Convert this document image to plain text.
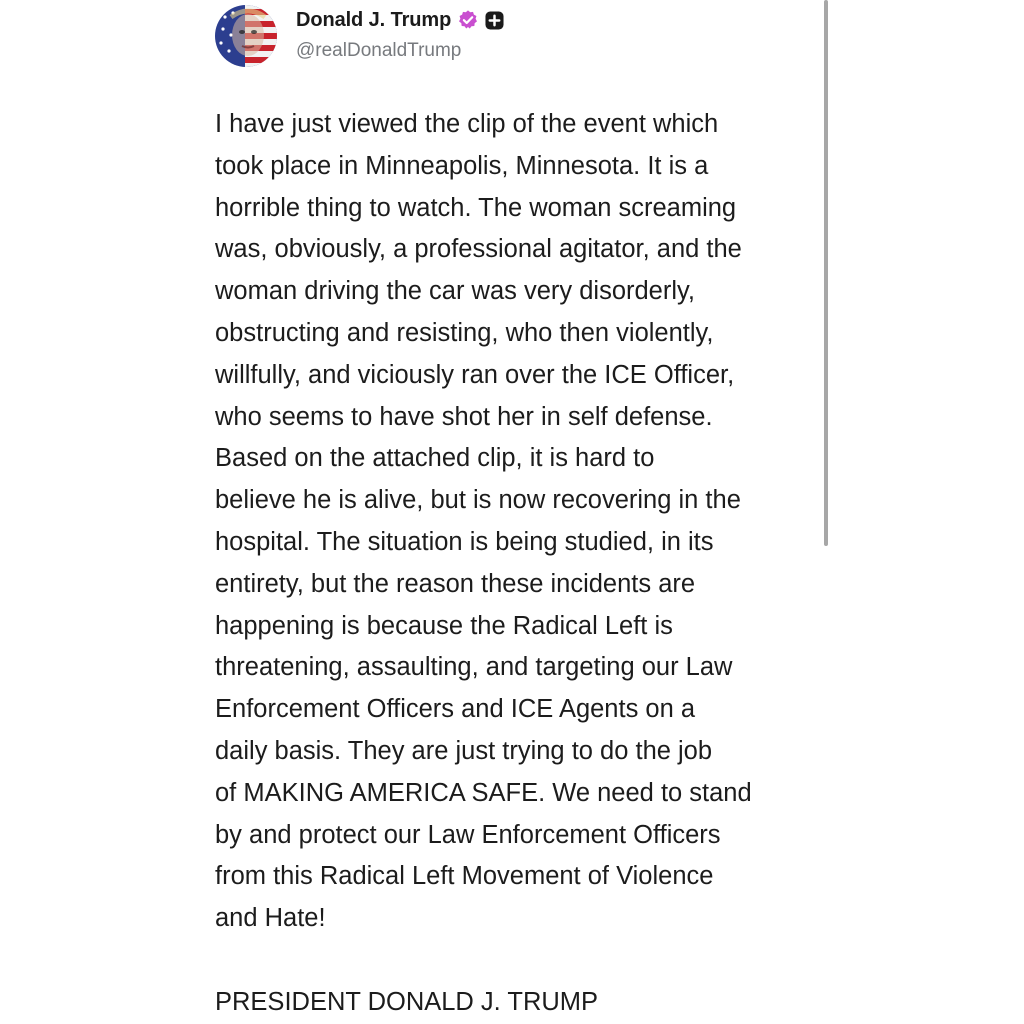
Donald J. Trump
@realDonaldTrump
I have just viewed the clip of the event which
took place in Minneapolis, Minnesota. It is a
horrible thing to watch. The woman screaming
was, obviously, a professional agitator, and the
woman driving the car was very disorderly,
obstructing and resisting, who then violently,
willfully, and viciously ran over the ICE Officer,
who seems to have shot her in self defense.
Based on the attached clip, it is hard to
believe he is alive, but is now recovering in the
hospital. The situation is being studied, in its
entirety, but the reason these incidents are
happening is because the Radical Left is
threatening, assaulting, and targeting our Law
Enforcement Officers and ICE Agents on a
daily basis. They are just trying to do the job
of MAKING AMERICA SAFE. We need to stand
by and protect our Law Enforcement Officers
from this Radical Left Movement of Violence
and Hate!
PRESIDENT DONALD J. TRUMP
